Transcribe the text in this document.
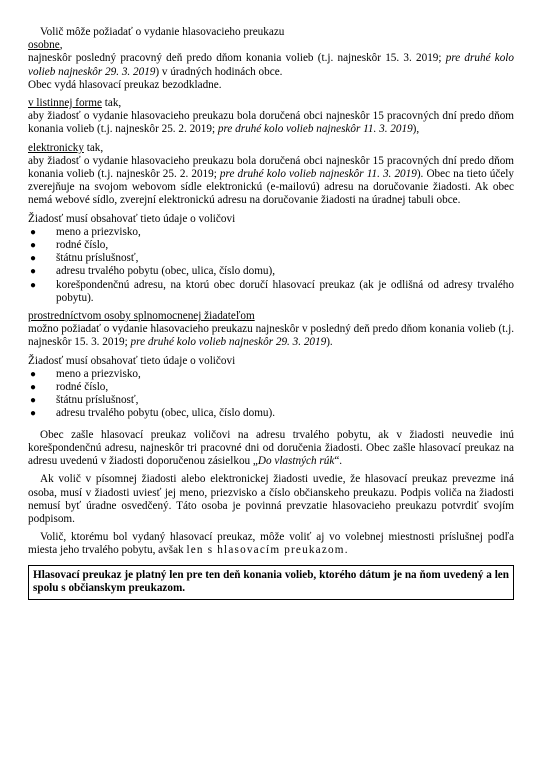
Volič môže požiadať o vydanie hlasovacieho preukazu

osobne,

najneskôr posledný pracovný deň predo dňom konania volieb (t.j. najneskôr 15. 3. 2019; pre druhé kolo volieb najneskôr 29. 3. 2019) v úradných hodinách obce.

Obec vydá hlasovací preukaz bezodkladne.

v listinnej forme tak,

aby žiadosť o vydanie hlasovacieho preukazu bola doručená obci najneskôr 15 pracovných dní predo dňom konania volieb (t.j. najneskôr 25. 2. 2019; pre druhé kolo volieb najneskôr 11. 3. 2019),

elektronicky tak,

aby žiadosť o vydanie hlasovacieho preukazu bola doručená obci najneskôr 15 pracovných dní predo dňom konania volieb (t.j. najneskôr 25. 2. 2019; pre druhé kolo volieb najneskôr 11. 3. 2019). Obec na tieto účely zverejňuje na svojom webovom sídle elektronickú (e-mailovú) adresu na doručovanie žiadosti. Ak obec nemá webové sídlo, zverejní elektronickú adresu na doručovanie žiadosti na úradnej tabuli obce.

Žiadosť musí obsahovať tieto údaje o voličovi

● meno a priezvisko,
● rodné číslo,
● štátnu príslušnosť,
● adresu trvalého pobytu (obec, ulica, číslo domu),
● korešpondenčnú adresu, na ktorú obec doručí hlasovací preukaz (ak je odlišná od adresy trvalého pobytu).

prostredníctvom osoby splnomocnenej žiadateľom

možno požiadať o vydanie hlasovacieho preukazu najneskôr v posledný deň predo dňom konania volieb (t.j. najneskôr 15. 3. 2019; pre druhé kolo volieb najneskôr 29. 3. 2019).

Žiadosť musí obsahovať tieto údaje o voličovi

● meno a priezvisko,
● rodné číslo,
● štátnu príslušnosť,
● adresu trvalého pobytu (obec, ulica, číslo domu).

Obec zašle hlasovací preukaz voličovi na adresu trvalého pobytu, ak v žiadosti neuvedie inú korešpondenčnú adresu, najneskôr tri pracovné dni od doručenia žiadosti. Obec zašle hlasovací preukaz na adresu uvedenú v žiadosti doporučenou zásielkou „Do vlastných rúk“.

Ak volič v písomnej žiadosti alebo elektronickej žiadosti uvedie, že hlasovací preukaz prevezme iná osoba, musí v žiadosti uviesť jej meno, priezvisko a číslo občianskeho preukazu. Podpis voliča na žiadosti nemusí byť úradne osvedčený. Táto osoba je povinná prevzatie hlasovacieho preukazu potvrdiť svojím podpisom.

Volič, ktorému bol vydaný hlasovací preukaz, môže voliť aj vo volebnej miestnosti príslušnej podľa miesta jeho trvalého pobytu, avšak len s hlasovacím preukazom.

Hlasovací preukaz je platný len pre ten deň konania volieb, ktorého dátum je na ňom uvedený a len spolu s občianskym preukazom.
